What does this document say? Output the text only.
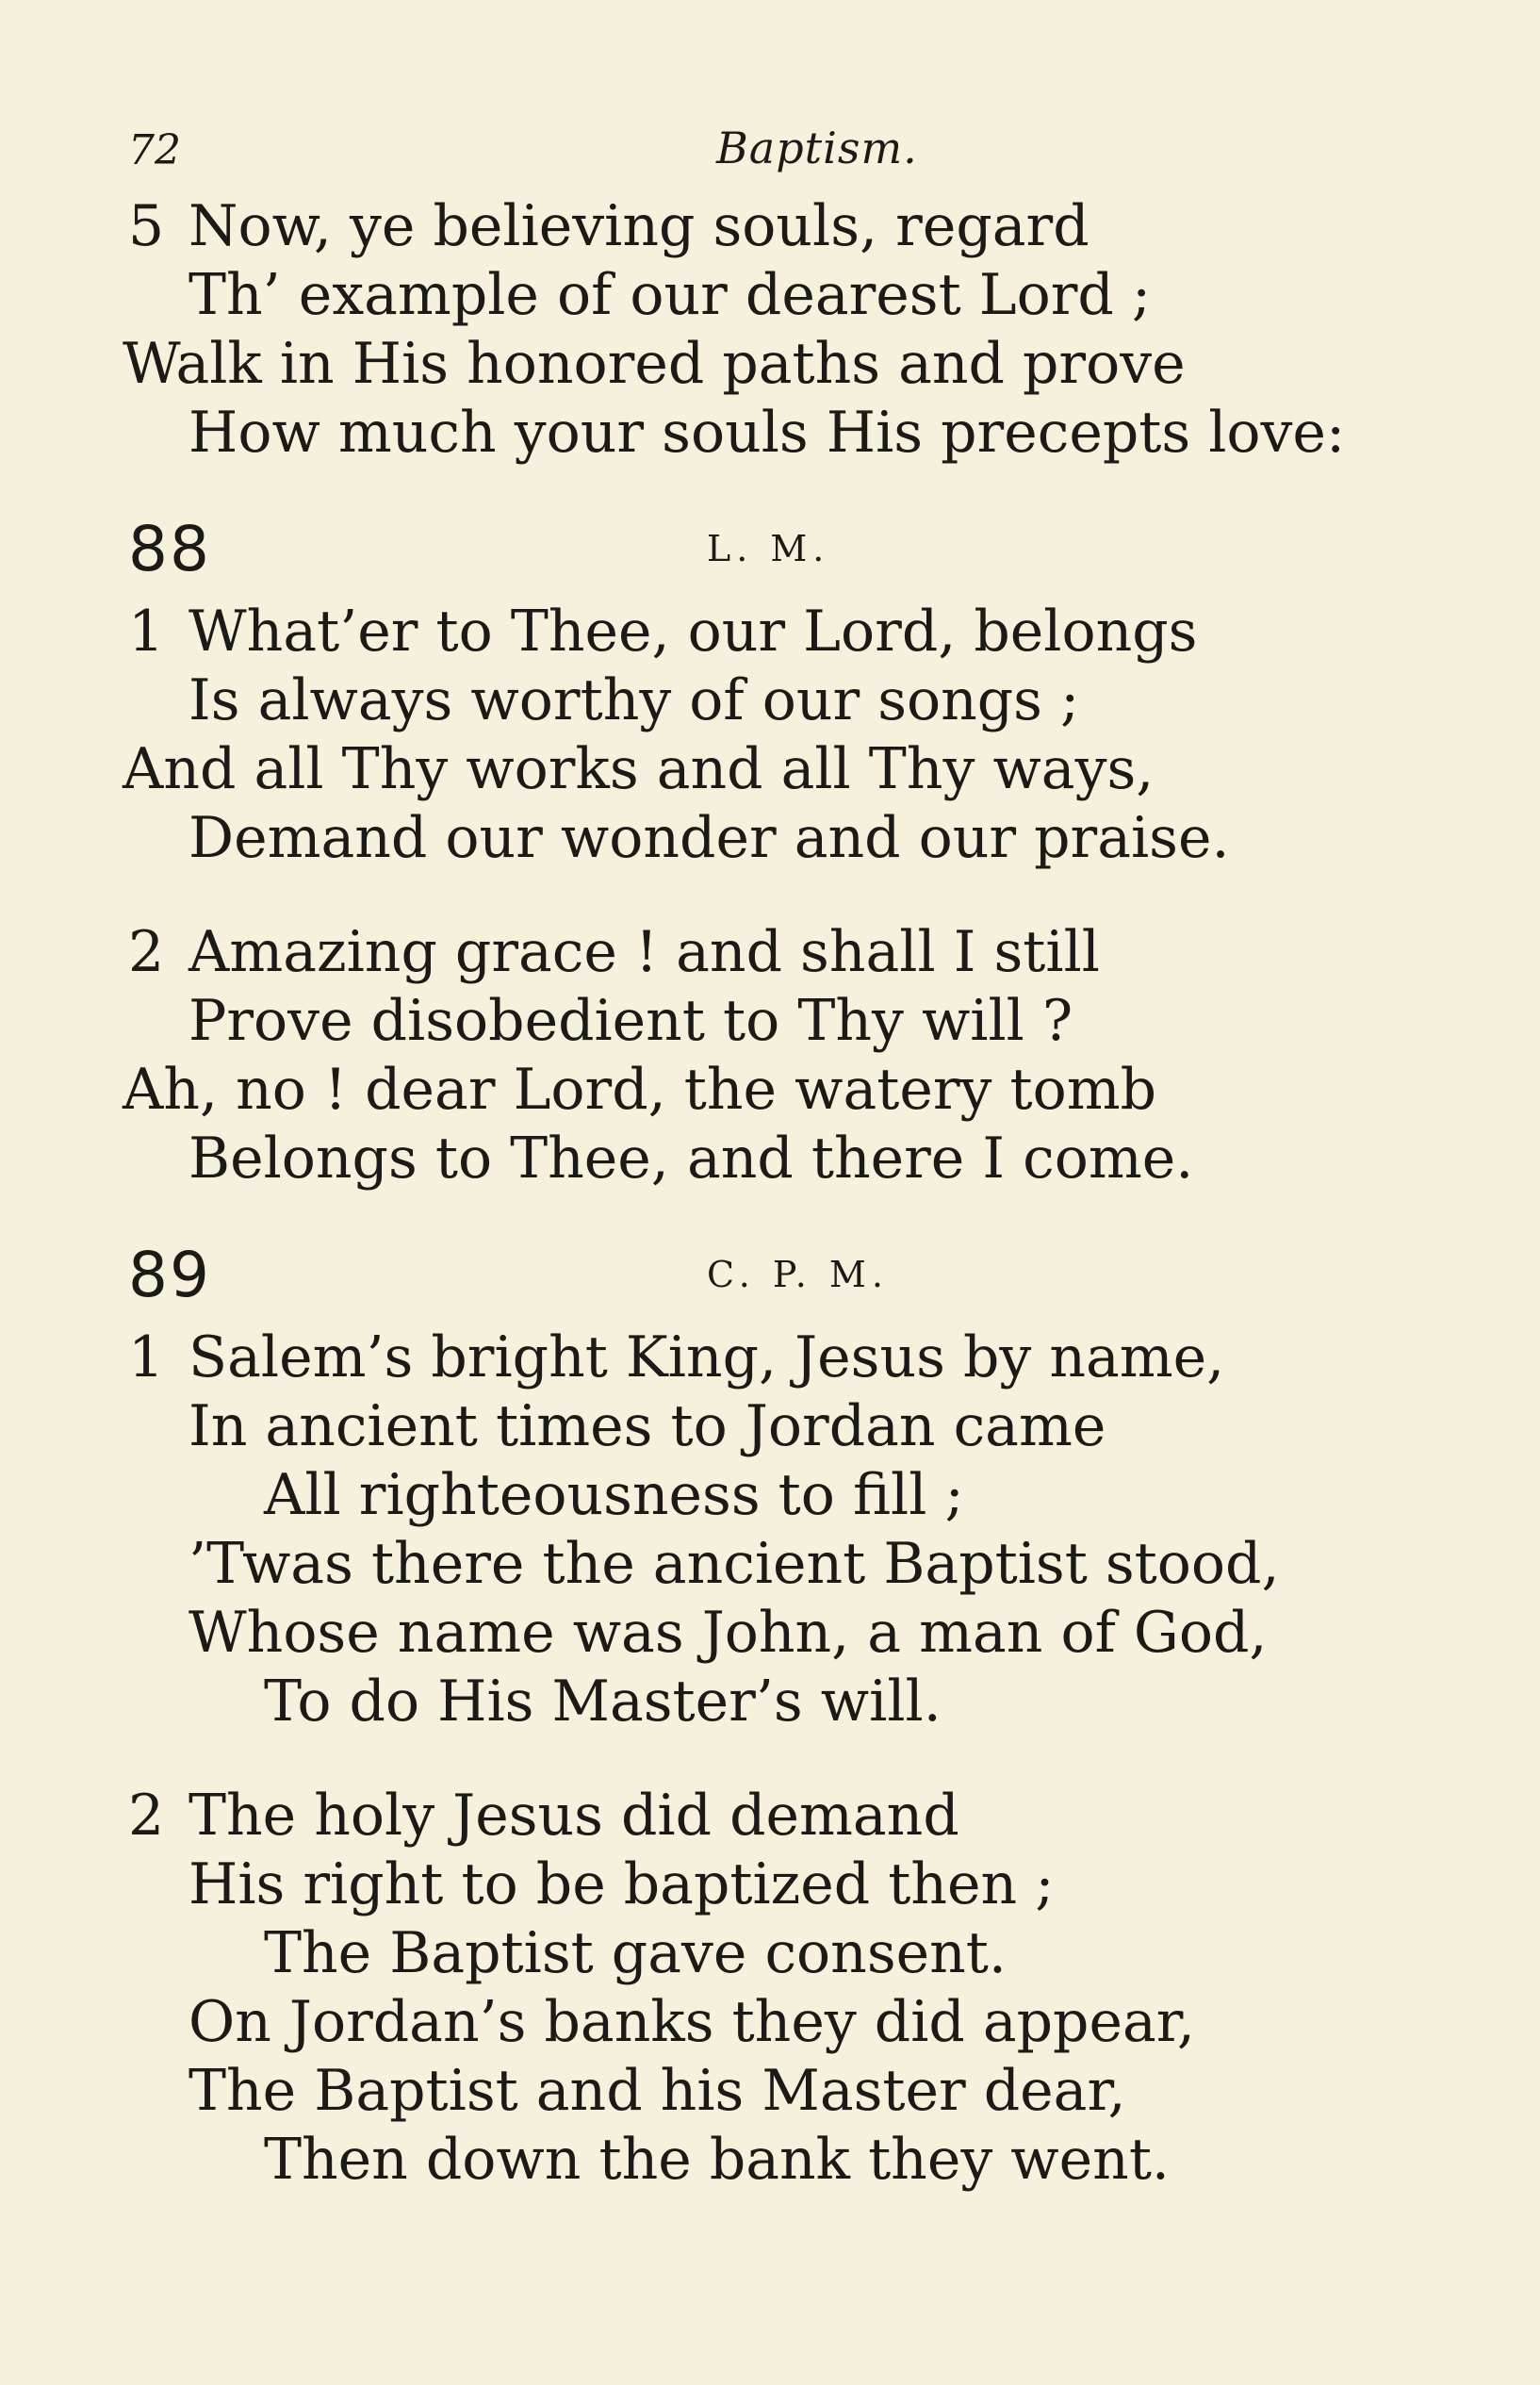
72	Baptism.
5 Now, ye believing souls, regard
Th’ example of our dearest Lord ;
Walk in His honored paths and prove
How much your souls His precepts love:
88	L. M.
1 What’er to Thee, our Lord, belongs
Is always worthy of our songs ;
And all Thy works and all Thy ways,
Demand our wonder and our praise.
2 Amazing grace ! and shall I still
Prove disobedient to Thy will ?
Ah, no ! dear Lord, the watery tomb
Belongs to Thee, and there I come.
89	C. P. M.
1 Salem’s bright King, Jesus by name,
In ancient times to Jordan came
All righteousness to fill ;
’Twas there the ancient Baptist stood,
Whose name was John, a man of God,
To do His Master’s will.
2 The holy Jesus did demand
His right to be baptized then ;
The Baptist gave consent.
On Jordan’s banks they did appear,
The Baptist and his Master dear,
Then down the bank they went.
